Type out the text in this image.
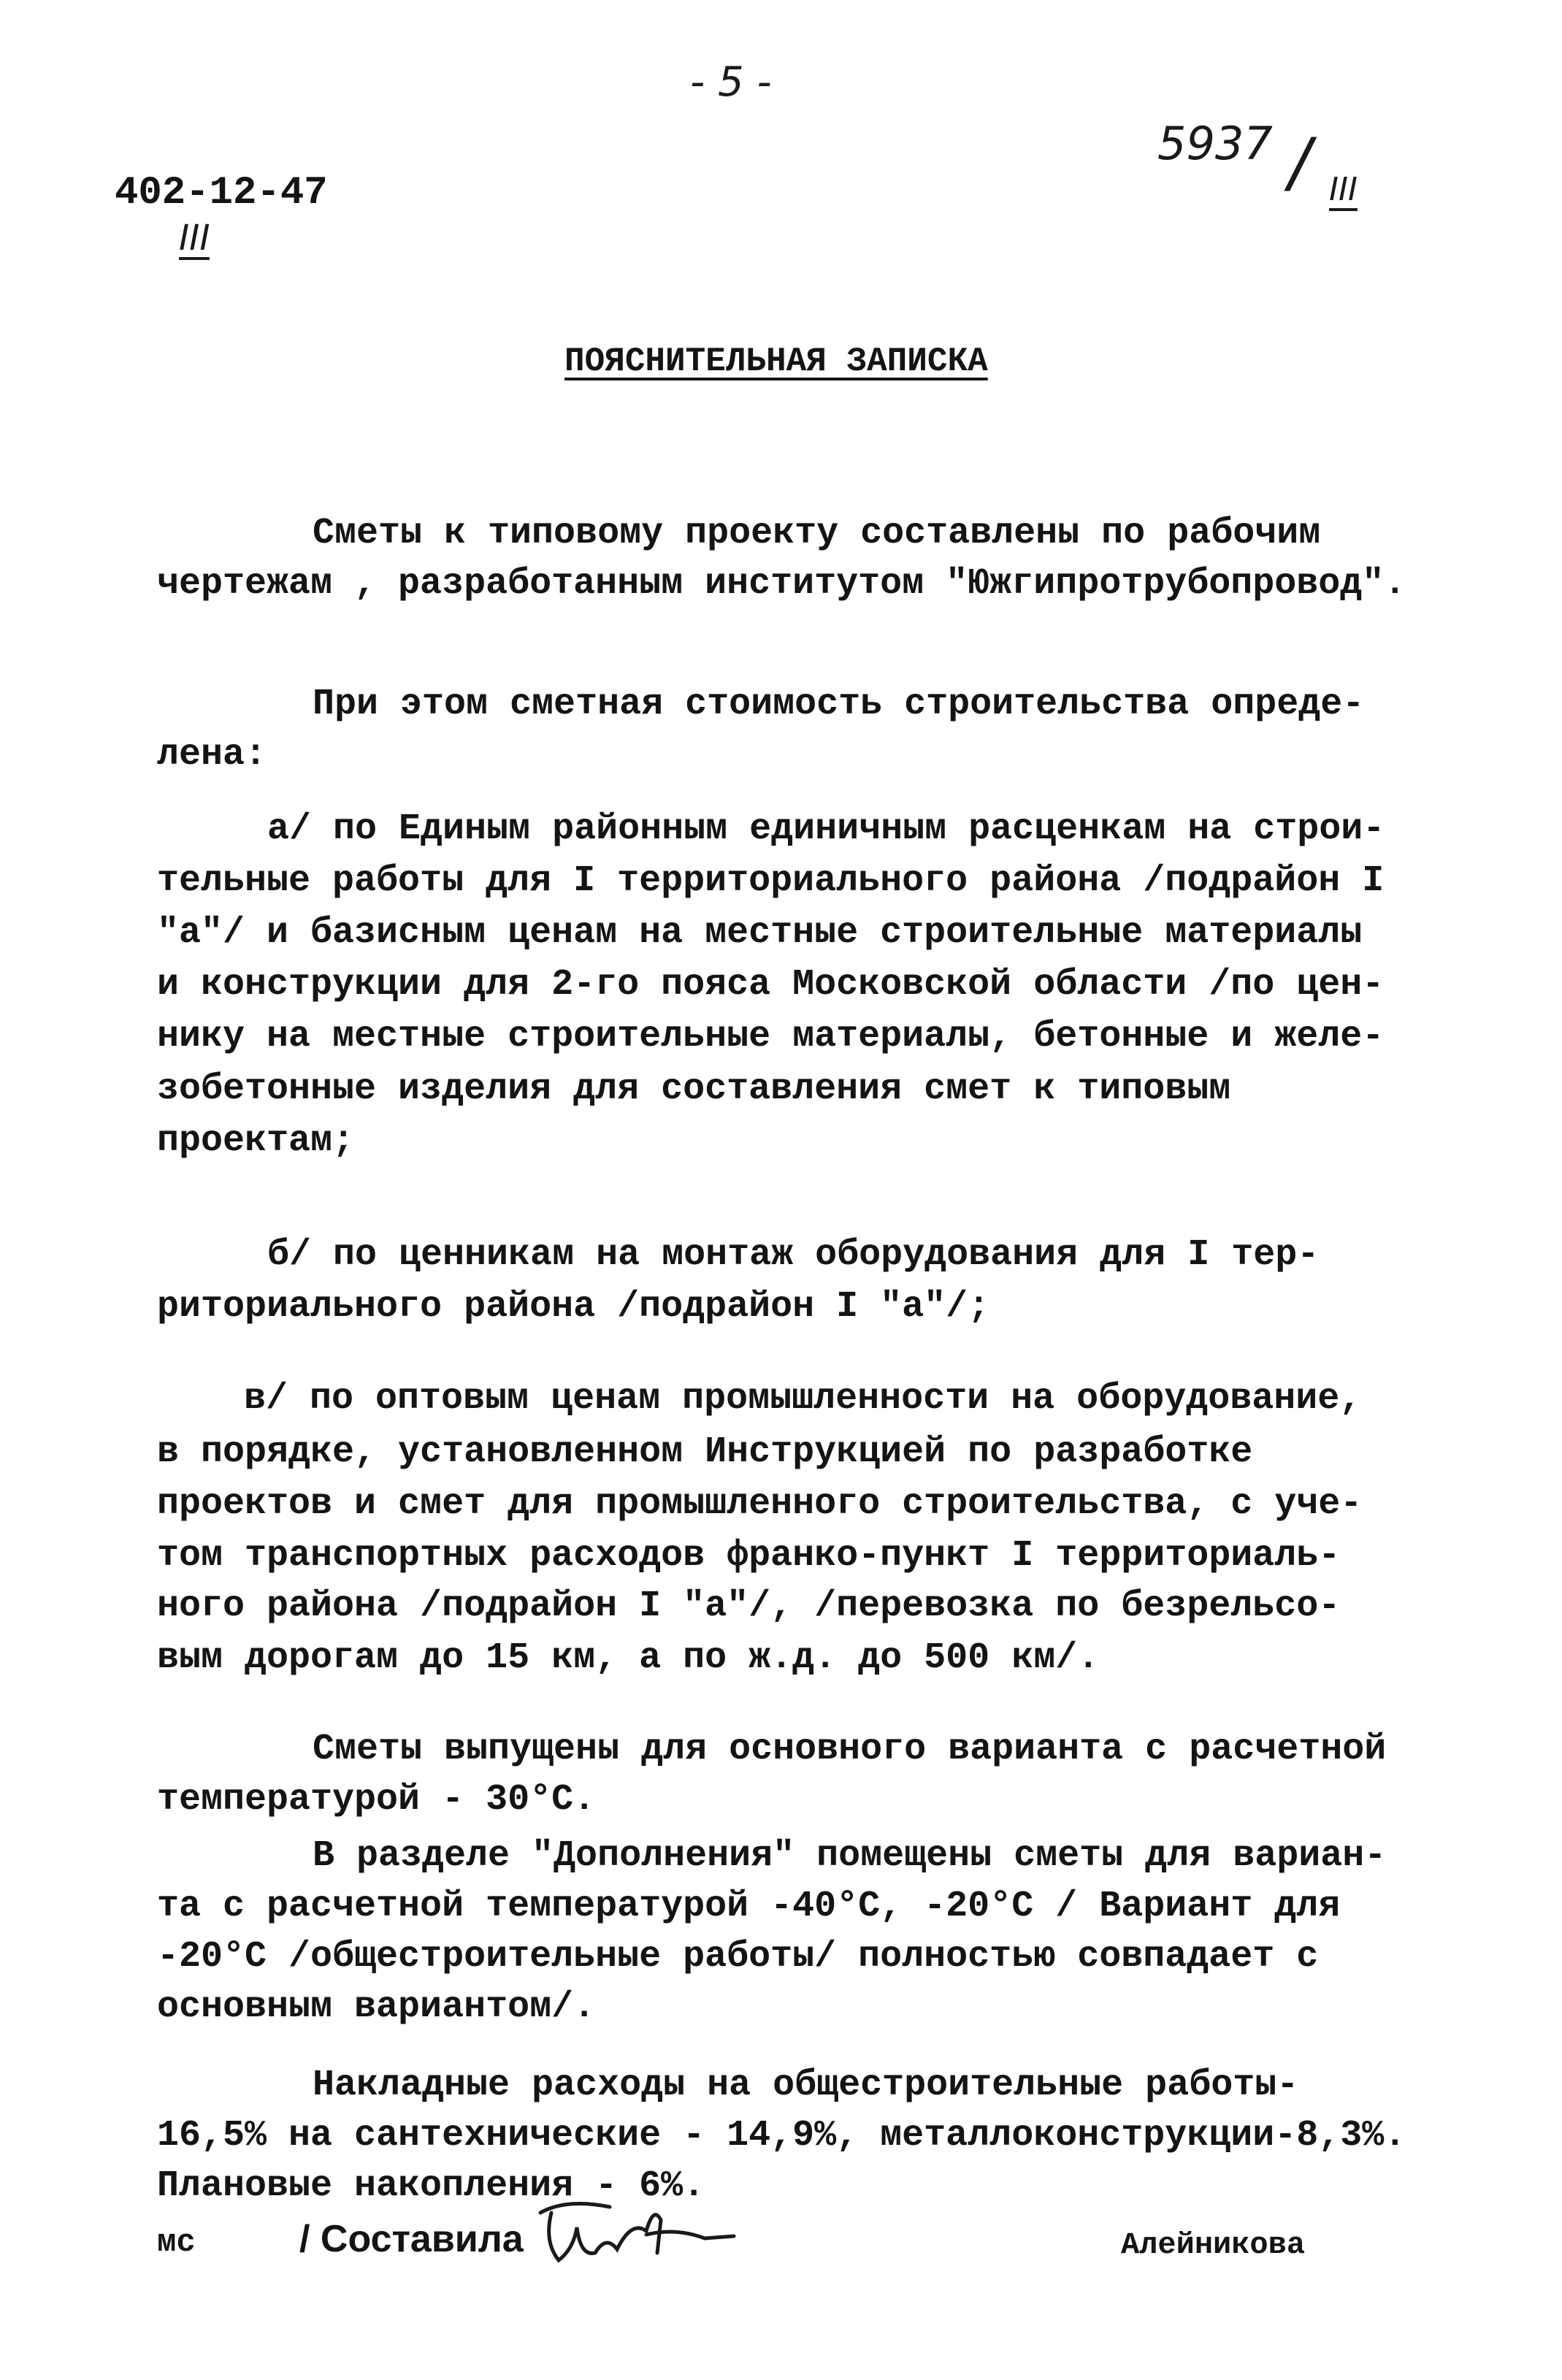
- 5 -
402-12-47
III
5937 / III
ПОЯСНИТЕЛЬНАЯ ЗАПИСКА
Сметы к типовому проекту составлены по рабочим
чертежам , разработанным институтом "Южгипротрубопровод".
При этом сметная стоимость строительства опреде-
лена:
а/ по Единым районным единичным расценкам на строи-
тельные работы для I территориального района /подрайон I
"а"/ и базисным ценам на местные строительные материалы
и конструкции для 2-го пояса Московской области /по цен-
нику на местные строительные материалы, бетонные и желе-
зобетонные изделия для составления смет к типовым
проектам;
б/ по ценникам на монтаж оборудования для I тер-
риториального района /подрайон I "а"/;
в/ по оптовым ценам промышленности на оборудование,
в порядке, установленном Инструкцией по разработке
проектов и смет для промышленного строительства, с уче-
том транспортных расходов франко-пункт I территориаль-
ного района /подрайон I "а"/, /перевозка по безрельсо-
вым дорогам до 15 км, а по ж.д. до 500 км/.
Сметы выпущены для основного варианта с расчетной
температурой - 30°C.
В разделе "Дополнения" помещены сметы для вариан-
та с расчетной температурой -40°C, -20°C / Вариант для
-20°C /общестроительные работы/ полностью совпадает с
основным вариантом/.
Накладные расходы на общестроительные работы-
16,5% на сантехнические - 14,9%, металлоконструкции-8,3%.
Плановые накопления - 6%.
мс	/ Составила	Алейникова
